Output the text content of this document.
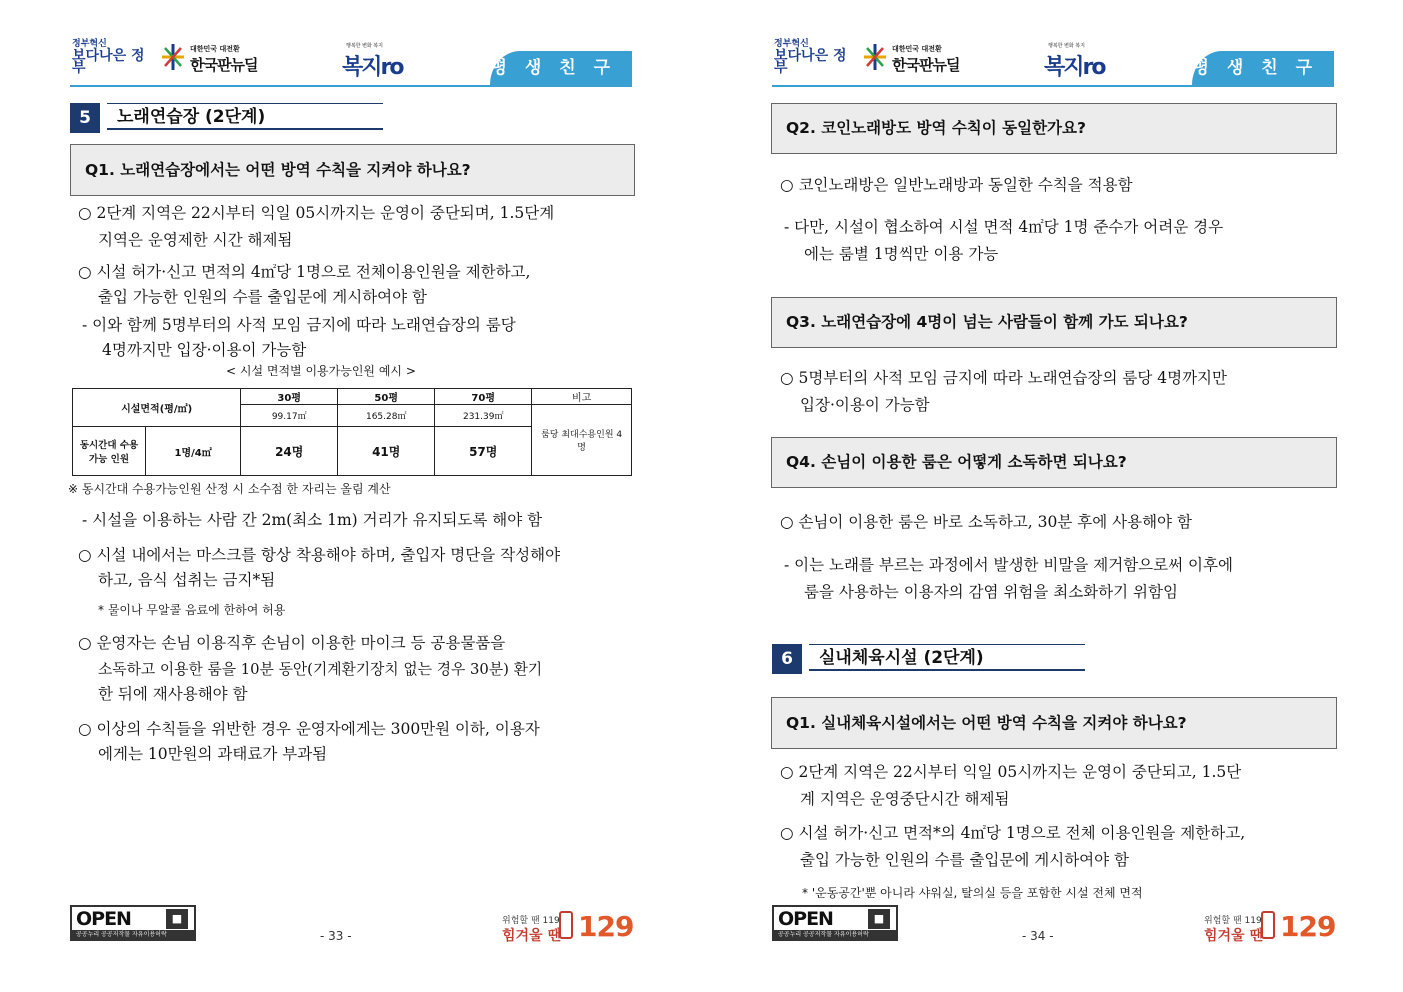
정부혁신
보다나은 정부
대한민국 대전환
한국판뉴딜
행복한 변화 복지
복지ro	평 생 친 구
5	노래연습장 (2단계)
Q1. 노래연습장에서는 어떤 방역 수칙을 지켜야 하나요?
○ 2단계 지역은 22시부터 익일 05시까지는 운영이 중단되며, 1.5단계
지역은 운영제한 시간 해제됨
○ 시설 허가·신고 면적의 4㎡당 1명으로 전체이용인원을 제한하고,
출입 가능한 인원의 수를 출입문에 게시하여야 함
- 이와 함께 5명부터의 사적 모임 금지에 따라 노래연습장의 룸당
4명까지만 입장·이용이 가능함
< 시설 면적별 이용가능인원 예시 >
시설면적(평/㎡)		30평	50평	70평	비고
		99.17㎡	165.28㎡	231.39㎡	룸당 최대수용인원 4명
동시간대 수용가능 인원	1명/4㎡	24명	41명	57명	
※ 동시간대 수용가능인원 산정 시 소수점 한 자리는 올림 계산
- 시설을 이용하는 사람 간 2m(최소 1m) 거리가 유지되도록 해야 함
○ 시설 내에서는 마스크를 항상 착용해야 하며, 출입자 명단을 작성해야
하고, 음식 섭취는 금지*됨
* 물이나 무알콜 음료에 한하여 허용
○ 운영자는 손님 이용직후 손님이 이용한 마이크 등 공용물품을
소독하고 이용한 룸을 10분 동안(기계환기장치 없는 경우 30분) 환기
한 뒤에 재사용해야 함
○ 이상의 수칙들을 위반한 경우 운영자에게는 300만원 이하, 이용자
에게는 10만원의 과태료가 부과됨
OPEN	■
공공누리 공공저작물 자유이용허락	- 33 -
위험할 땐 119
힘겨울 땐 129
정부혁신
보다나은 정부
대한민국 대전환
한국판뉴딜
행복한 변화 복지
복지ro	평 생 친 구
Q2. 코인노래방도 방역 수칙이 동일한가요?
○ 코인노래방은 일반노래방과 동일한 수칙을 적용함
- 다만, 시설이 협소하여 시설 면적 4㎡당 1명 준수가 어려운 경우
에는 룸별 1명씩만 이용 가능
Q3. 노래연습장에 4명이 넘는 사람들이 함께 가도 되나요?
○ 5명부터의 사적 모임 금지에 따라 노래연습장의 룸당 4명까지만
입장·이용이 가능함
Q4. 손님이 이용한 룸은 어떻게 소독하면 되나요?
○ 손님이 이용한 룸은 바로 소독하고, 30분 후에 사용해야 함
- 이는 노래를 부르는 과정에서 발생한 비말을 제거함으로써 이후에
룸을 사용하는 이용자의 감염 위험을 최소화하기 위함임
6	실내체육시설 (2단계)
Q1. 실내체육시설에서는 어떤 방역 수칙을 지켜야 하나요?
○ 2단계 지역은 22시부터 익일 05시까지는 운영이 중단되고, 1.5단
계 지역은 운영중단시간 해제됨
○ 시설 허가·신고 면적*의 4㎡당 1명으로 전체 이용인원을 제한하고,
출입 가능한 인원의 수를 출입문에 게시하여야 함
* '운동공간'뿐 아니라 샤워실, 탈의실 등을 포함한 시설 전체 면적
OPEN	■
공공누리 공공저작물 자유이용허락	- 34 -
위험할 땐 119
힘겨울 땐 129
